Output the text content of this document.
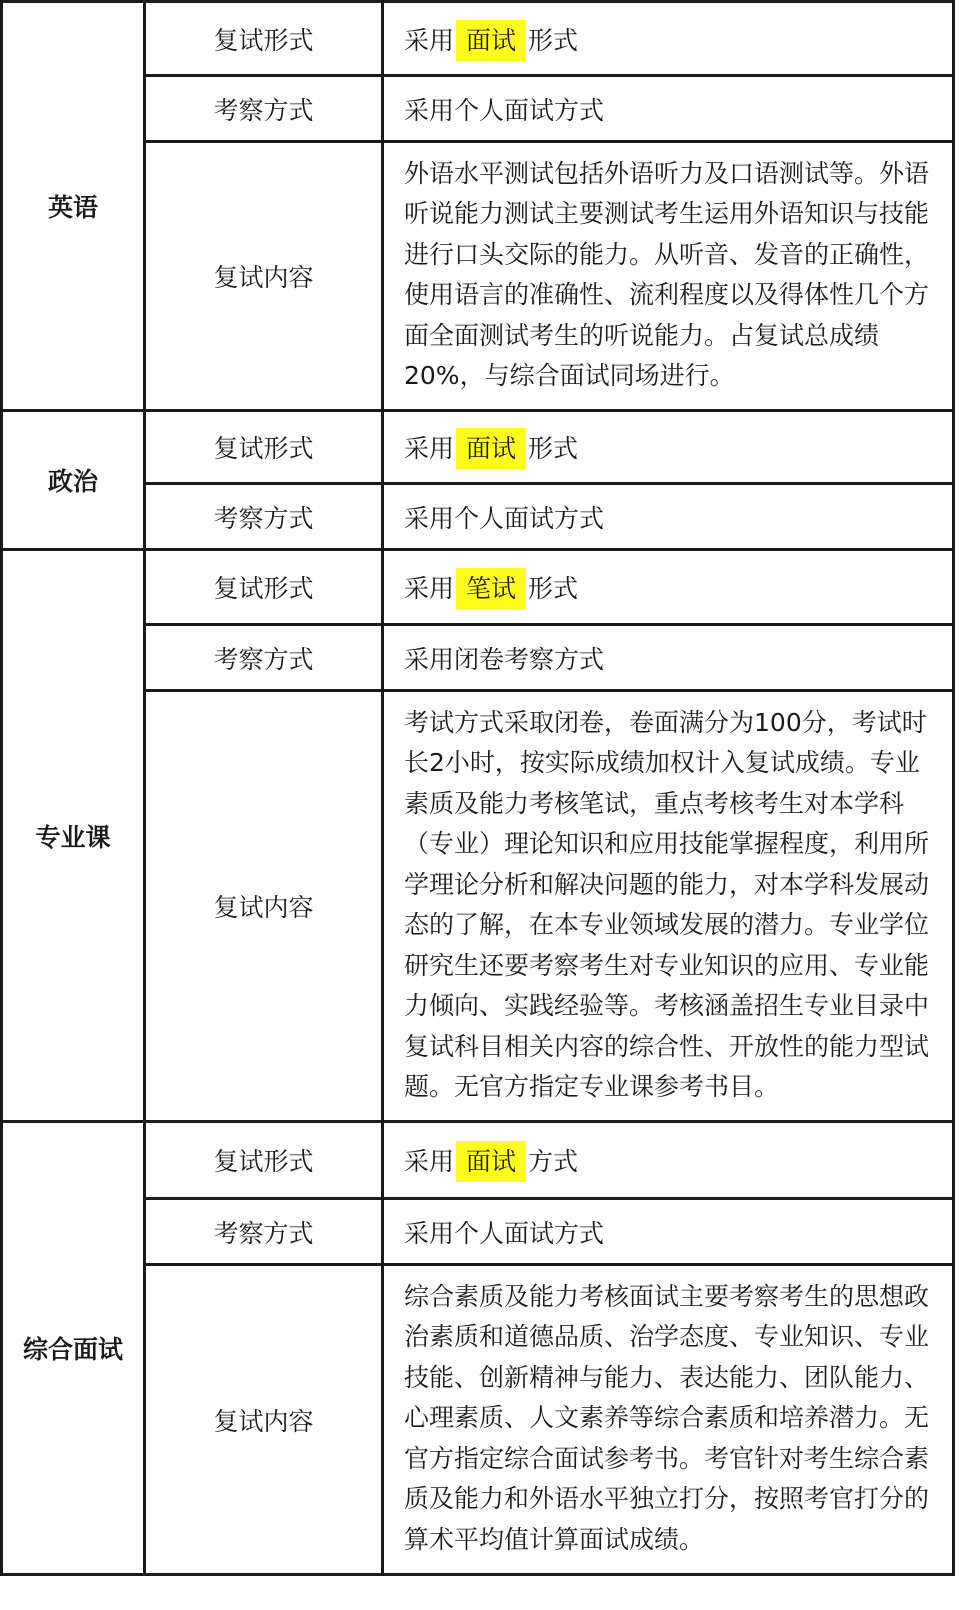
英语	复试形式	采用 面试 形式
	考察方式	采用个人面试方式
	复试内容	外语水平测试包括外语听力及口语测试等。外语听说能力测试主要测试考生运用外语知识与技能进行口头交际的能力。从听音、发音的正确性，使用语言的准确性、流利程度以及得体性几个方面全面测试考生的听说能力。占复试总成绩20%，与综合面试同场进行。
政治	复试形式	采用 面试 形式
	考察方式	采用个人面试方式
专业课	复试形式	采用 笔试 形式
	考察方式	采用闭卷考察方式
	复试内容	考试方式采取闭卷，卷面满分为100分，考试时长2小时，按实际成绩加权计入复试成绩。专业素质及能力考核笔试，重点考核考生对本学科（专业）理论知识和应用技能掌握程度，利用所学理论分析和解决问题的能力，对本学科发展动态的了解，在本专业领域发展的潜力。专业学位研究生还要考察考生对专业知识的应用、专业能力倾向、实践经验等。考核涵盖招生专业目录中复试科目相关内容的综合性、开放性的能力型试题。无官方指定专业课参考书目。
综合面试	复试形式	采用 面试 方式
	考察方式	采用个人面试方式
	复试内容	综合素质及能力考核面试主要考察考生的思想政治素质和道德品质、治学态度、专业知识、专业技能、创新精神与能力、表达能力、团队能力、心理素质、人文素养等综合素质和培养潜力。无官方指定综合面试参考书。考官针对考生综合素质及能力和外语水平独立打分，按照考官打分的算术平均值计算面试成绩。
